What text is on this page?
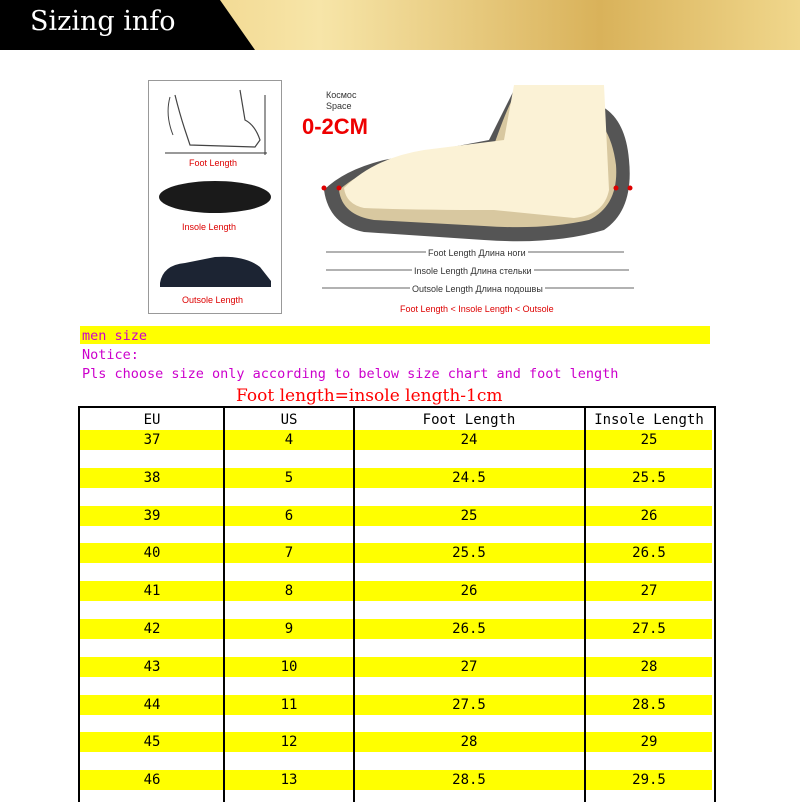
Sizing info
Foot Length
Insole Length
Outsole Length
Космос
Space
0-2CM
Foot Length Длина ноги
Insole Length Длина стельки
Outsole Length Длина подошвы
Foot Length < Insole Length < Outsole
men size
Notice:
Pls choose size only according to below size chart and foot length
Foot length=insole length-1cm
EU	US	Foot Length	Insole Length
37	4	24	25
38	5	24.5	25.5
39	6	25	26
40	7	25.5	26.5
41	8	26	27
42	9	26.5	27.5
43	10	27	28
44	11	27.5	28.5
45	12	28	29
46	13	28.5	29.5
